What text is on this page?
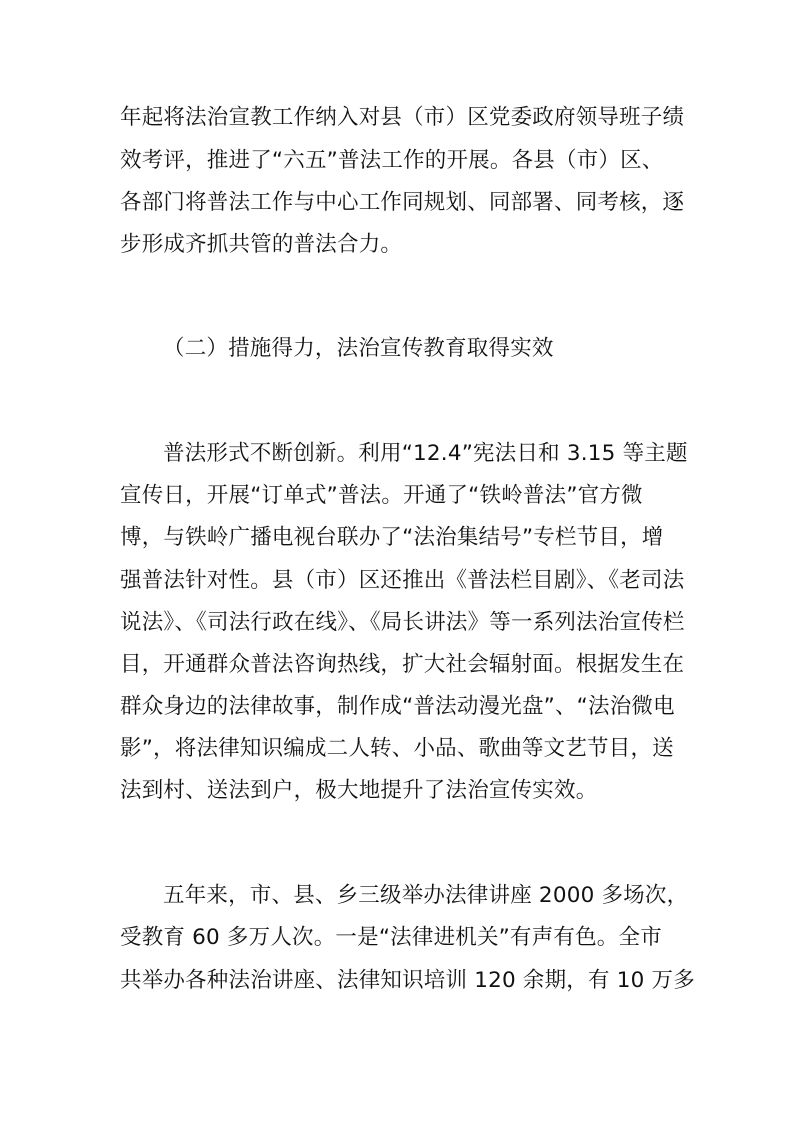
年起将法治宣教工作纳入对县（市）区党委政府领导班子绩
效考评，推进了“六五”普法工作的开展。各县（市）区、
各部门将普法工作与中心工作同规划、同部署、同考核，逐
步形成齐抓共管的普法合力。
（二）措施得力，法治宣传教育取得实效
普法形式不断创新。利用“12.4”宪法日和 3.15 等主题
宣传日，开展“订单式”普法。开通了“铁岭普法”官方微
博，与铁岭广播电视台联办了“法治集结号”专栏节目，增
强普法针对性。县（市）区还推出《普法栏目剧》、《老司法
说法》、《司法行政在线》、《局长讲法》等一系列法治宣传栏
目，开通群众普法咨询热线，扩大社会辐射面。根据发生在
群众身边的法律故事，制作成“普法动漫光盘”、“法治微电
影”，将法律知识编成二人转、小品、歌曲等文艺节目，送
法到村、送法到户，极大地提升了法治宣传实效。
五年来，市、县、乡三级举办法律讲座 2000 多场次，
受教育 60 多万人次。一是“法律进机关”有声有色。全市
共举办各种法治讲座、法律知识培训 120 余期，有 10 万多
